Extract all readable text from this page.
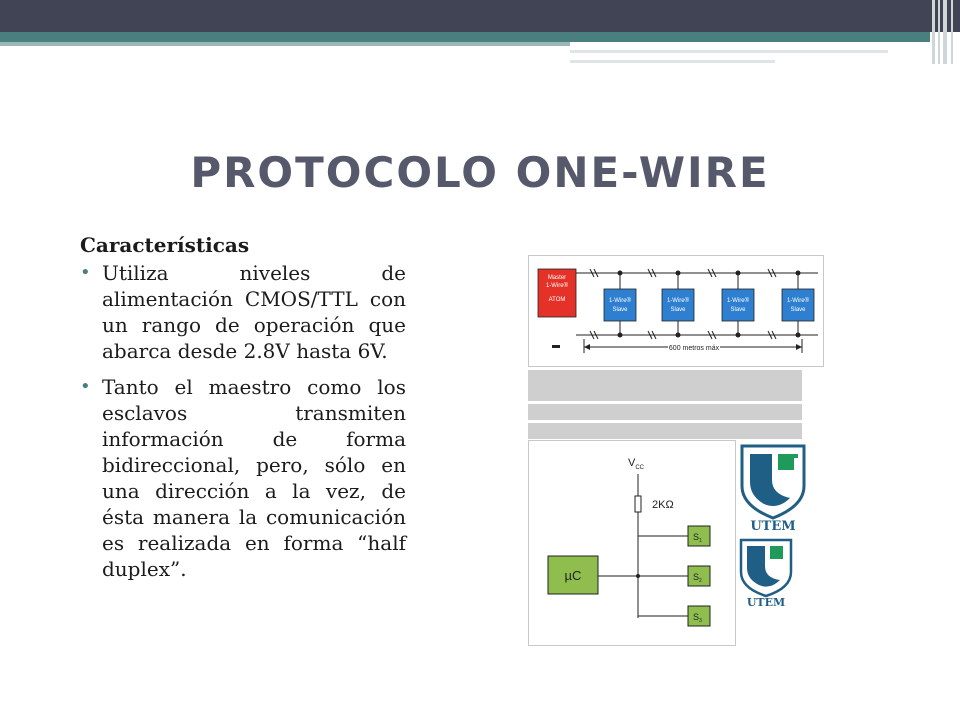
PROTOCOLO ONE-WIRE

Características

• Utiliza niveles de alimentación CMOS/TTL con un rango de operación que abarca desde 2.8V hasta 6V.
• Tanto el maestro como los esclavos transmiten información de forma bidireccional, pero, sólo en una dirección a la vez, de ésta manera la comunicación es realizada en forma “half duplex”.
Master
1-Wire®
ATOM	1-Wire®
Slave
1-Wire®
Slave
1-Wire®
Slave
1-Wire®
Slave
600 metros máx
$V_{CC}$
2KΩ
µC
$S_1$
$S_2$
$S_3$
UTEM
UTEM
